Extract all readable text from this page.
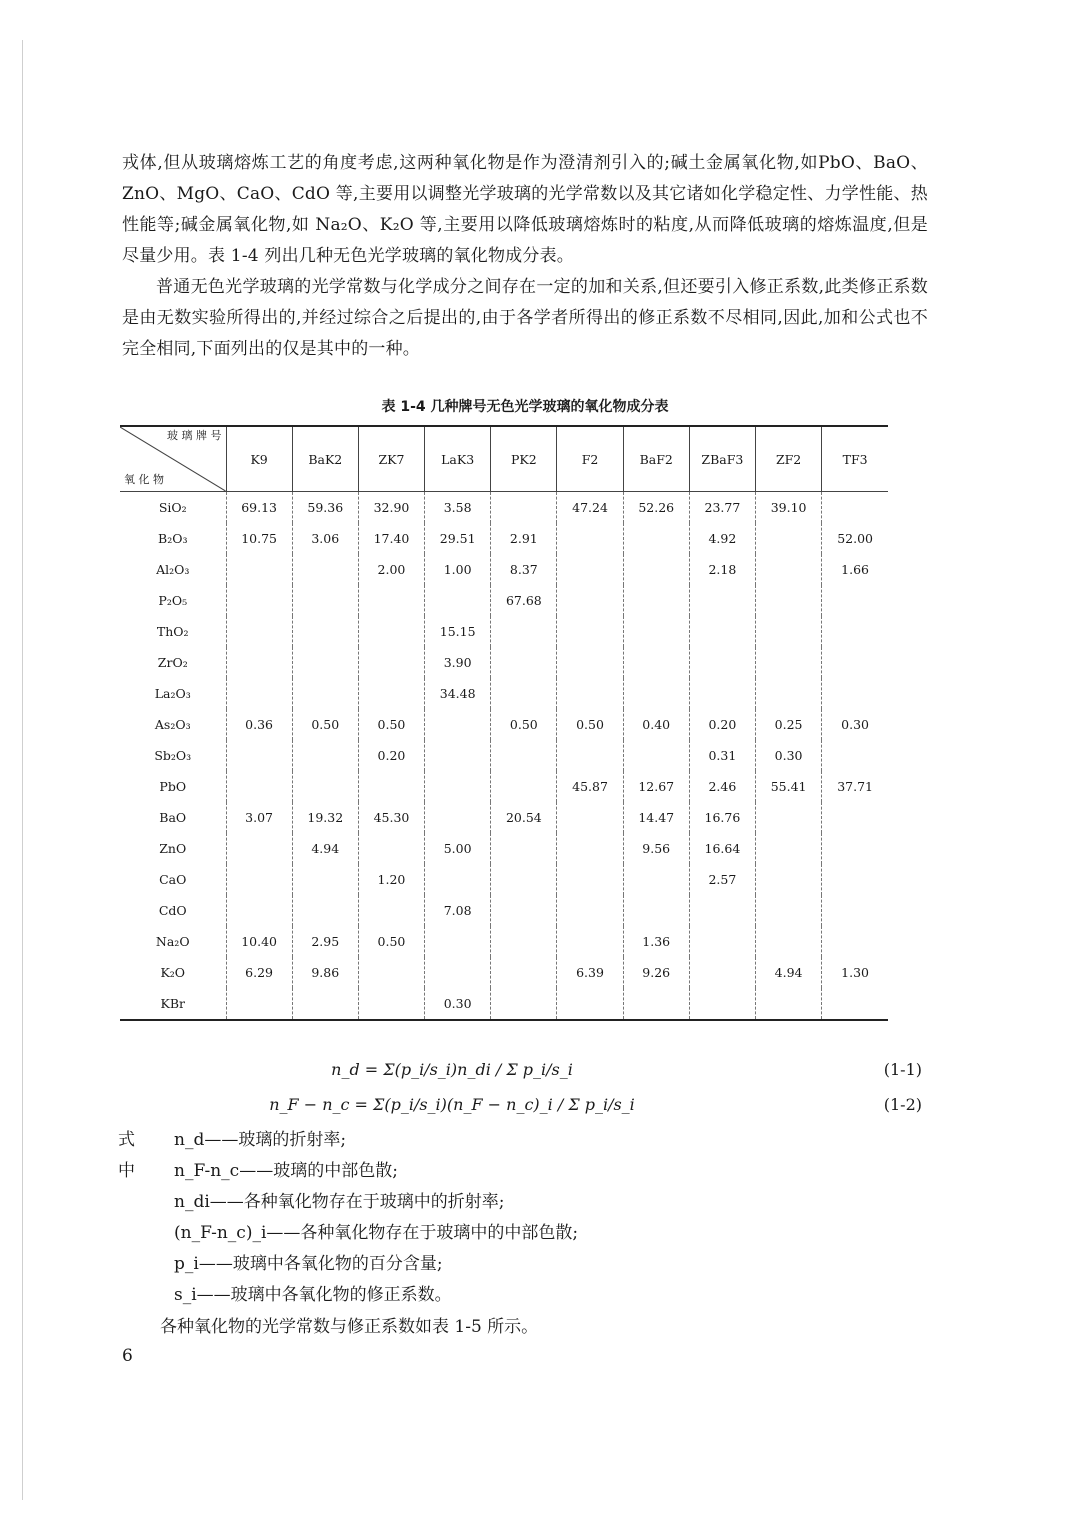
戎体,但从玻璃熔炼工艺的角度考虑,这两种氧化物是作为澄清剂引入的;碱土金属氧化物,如PbO、BaO、ZnO、MgO、CaO、CdO 等,主要用以调整光学玻璃的光学常数以及其它诸如化学稳定性、力学性能、热性能等;碱金属氧化物,如 Na₂O、K₂O 等,主要用以降低玻璃熔炼时的粘度,从而降低玻璃的熔炼温度,但是尽量少用。表 1-4 列出几种无色光学玻璃的氧化物成分表。

普通无色光学玻璃的光学常数与化学成分之间存在一定的加和关系,但还要引入修正系数,此类修正系数是由无数实验所得出的,并经过综合之后提出的,由于各学者所得出的修正系数不尽相同,因此,加和公式也不完全相同,下面列出的仅是其中的一种。

表 1-4 几种牌号无色光学玻璃的氧化物成分表
玻 璃 牌 号
氧 化 物	K9	BaK2	ZK7	LaK3	PK2	F2	BaF2	ZBaF3	ZF2	TF3
SiO₂	69.13	59.36	32.90	3.58		47.24	52.26	23.77	39.10	
B₂O₃	10.75	3.06	17.40	29.51	2.91			4.92		52.00
Al₂O₃			2.00	1.00	8.37			2.18		1.66
P₂O₅					67.68					
ThO₂				15.15						
ZrO₂				3.90						
La₂O₃				34.48						
As₂O₃	0.36	0.50	0.50		0.50	0.50	0.40	0.20	0.25	0.30
Sb₂O₃			0.20					0.31	0.30	
PbO						45.87	12.67	2.46	55.41	37.71
BaO	3.07	19.32	45.30		20.54		14.47	16.76		
ZnO		4.94		5.00			9.56	16.64		
CaO			1.20					2.57		
CdO				7.08						
Na₂O	10.40	2.95	0.50				1.36			
K₂O	6.29	9.86				6.39	9.26		4.94	1.30
KBr				0.30						
n_d = Σ(p_i/s_i)n_di / Σ p_i/s_i	(1-1)
n_F − n_c = Σ(p_i/s_i)(n_F − n_c)_i / Σ p_i/s_i	(1-2)
式中
n_d——玻璃的折射率;
n_F-n_c——玻璃的中部色散;
n_di——各种氧化物存在于玻璃中的折射率;
(n_F-n_c)_i——各种氧化物存在于玻璃中的中部色散;
p_i——玻璃中各氧化物的百分含量;
s_i——玻璃中各氧化物的修正系数。
各种氧化物的光学常数与修正系数如表 1-5 所示。
6
